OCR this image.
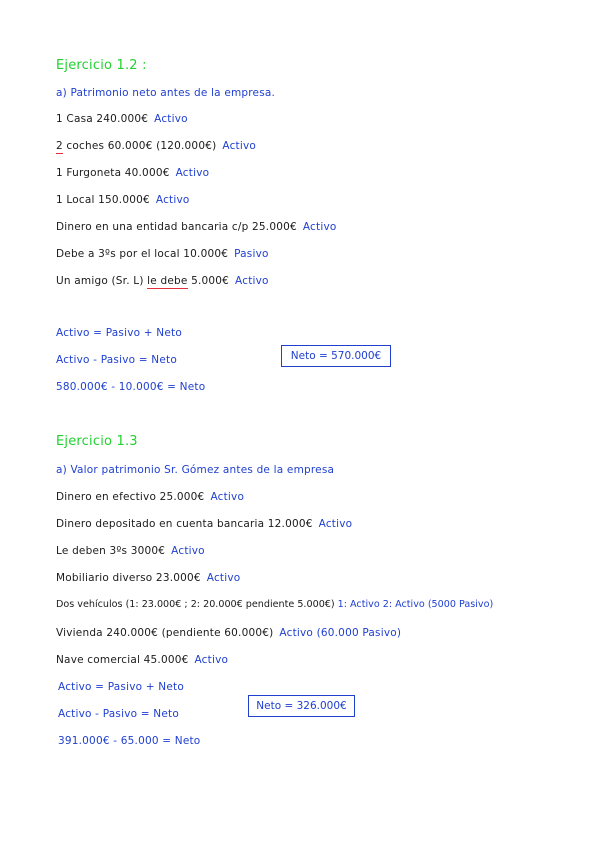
Ejercicio 1.2 :
a) Patrimonio neto antes de la empresa.
1 Casa 240.000€ Activo
2 coches 60.000€ (120.000€) Activo
1 Furgoneta 40.000€ Activo
1 Local 150.000€ Activo
Dinero en una entidad bancaria c/p 25.000€ Activo
Debe a 3ºs por el local 10.000€ Pasivo
Un amigo (Sr. L) le debe 5.000€ Activo
Activo = Pasivo + Neto
Activo - Pasivo = Neto
580.000€ - 10.000€ = Neto
Neto = 570.000€
Ejercicio 1.3
a) Valor patrimonio Sr. Gómez antes de la empresa
Dinero en efectivo 25.000€ Activo
Dinero depositado en cuenta bancaria 12.000€ Activo
Le deben 3ºs 3000€ Activo
Mobiliario diverso 23.000€ Activo
Dos vehículos (1: 23.000€ ; 2: 20.000€ pendiente 5.000€) 1: Activo 2: Activo (5000 Pasivo)
Vivienda 240.000€ (pendiente 60.000€) Activo (60.000 Pasivo)
Nave comercial 45.000€ Activo
Activo = Pasivo + Neto
Activo - Pasivo = Neto
391.000€ - 65.000 = Neto
Neto = 326.000€
